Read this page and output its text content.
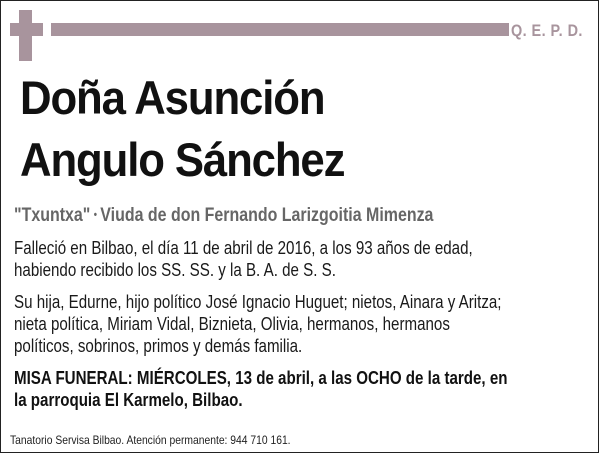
Q. E. P. D.
Doña Asunción
Angulo Sánchez
"Txuntxa" • Viuda de don Fernando Larizgoitia Mimenza
Falleció en Bilbao, el día 11 de abril de 2016, a los 93 años de edad,
habiendo recibido los SS. SS. y la B. A. de S. S.
Su hija, Edurne, hijo político José Ignacio Huguet; nietos, Ainara y Aritza;
nieta política, Miriam Vidal, Biznieta, Olivia, hermanos, hermanos
políticos, sobrinos, primos y demás familia.
MISA FUNERAL: MIÉRCOLES, 13 de abril, a las OCHO de la tarde, en
la parroquia El Karmelo, Bilbao.
Tanatorio Servisa Bilbao. Atención permanente: 944 710 161.
